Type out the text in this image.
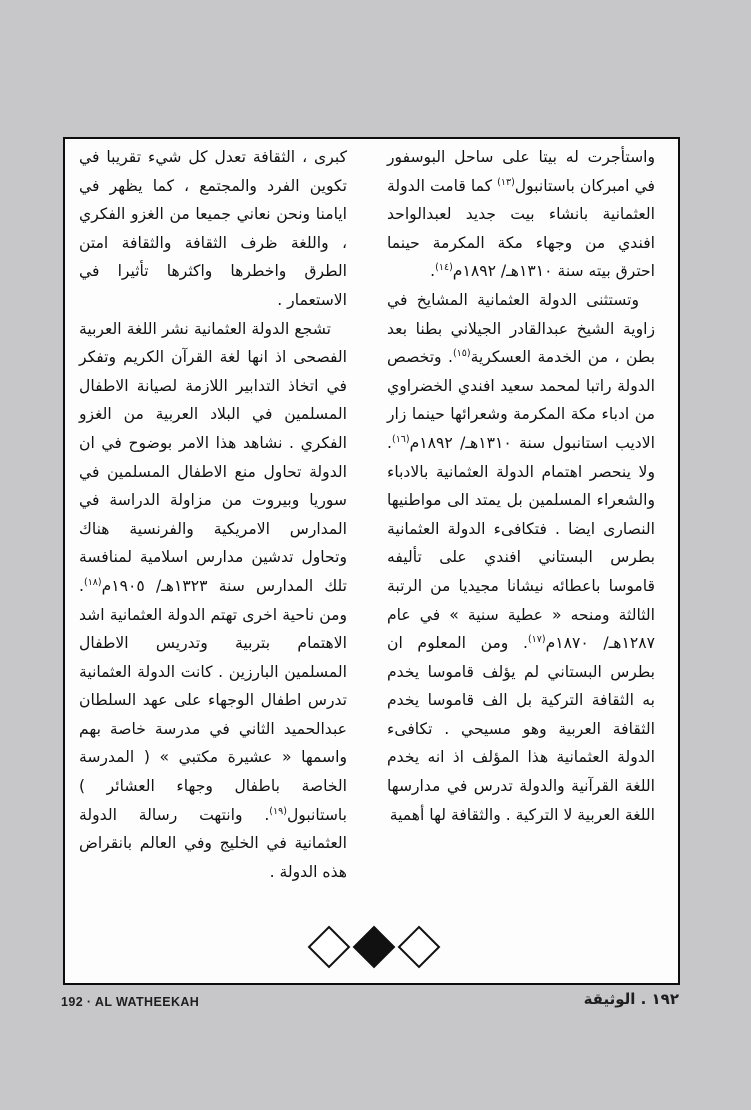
واستأجرت له بيتا على ساحل البوسفور في امبركان باستانبول$^{(١٣)}$ كما قامت الدولة العثمانية بانشاء بيت جديد لعبدالواحد افندي من وجهاء مكة المكرمة حينما احترق بيته سنة ١٣١٠هـ/ ١٨٩٢م$^{(١٤)}$.

وتستثنى الدولة العثمانية المشايخ في زاوية الشيخ عبدالقادر الجيلاني بطنا بعد بطن ، من الخدمة العسكرية$^{(١٥)}$. وتخصص الدولة راتبا لمحمد سعيد افندي الخضراوي من ادباء مكة المكرمة وشعرائها حينما زار الاديب استانبول سنة ١٣١٠هـ/ ١٨٩٢م$^{(١٦)}$. ولا ينحصر اهتمام الدولة العثمانية بالادباء والشعراء المسلمين بل يمتد الى مواطنيها النصارى ايضا . فتكافىء الدولة العثمانية بطرس البستاني افندي على تأليفه قاموسا باعطائه نيشانا مجيديا من الرتبة الثالثة ومنحه « عطية سنية » في عام ١٢٨٧هـ/ ١٨٧٠م$^{(١٧)}$. ومن المعلوم ان بطرس البستاني لم يؤلف قاموسا يخدم به الثقافة التركية بل الف قاموسا يخدم الثقافة العربية وهو مسيحي . تكافىء الدولة العثمانية هذا المؤلف اذ انه يخدم اللغة القرآنية والدولة تدرس في مدارسها اللغة العربية لا التركية . والثقافة لها أهمية

كبرى ، الثقافة تعدل كل شيء تقريبا في تكوين الفرد والمجتمع ، كما يظهر في ايامنا ونحن نعاني جميعا من الغزو الفكري ، واللغة ظرف الثقافة والثقافة امتن الطرق واخطرها واكثرها تأثيرا في الاستعمار .

تشجع الدولة العثمانية نشر اللغة العربية الفصحى اذ انها لغة القرآن الكريم وتفكر في اتخاذ التدابير اللازمة لصيانة الاطفال المسلمين في البلاد العربية من الغزو الفكري . نشاهد هذا الامر بوضوح في ان الدولة تحاول منع الاطفال المسلمين في سوريا وبيروت من مزاولة الدراسة في المدارس الامريكية والفرنسية هناك وتحاول تدشين مدارس اسلامية لمنافسة تلك المدارس سنة ١٣٢٣هـ/ ١٩٠٥م$^{(١٨)}$. ومن ناحية اخرى تهتم الدولة العثمانية اشد الاهتمام بتربية وتدريس الاطفال المسلمين البارزين . كانت الدولة العثمانية تدرس اطفال الوجهاء على عهد السلطان عبدالحميد الثاني في مدرسة خاصة بهم واسمها « عشيرة مكتبي » ( المدرسة الخاصة باطفال وجهاء العشائر ) باستانبول$^{(١٩)}$. وانتهت رسالة الدولة العثمانية في الخليج وفي العالم بانقراض هذه الدولة .

192 · AL WATHEEKAH	١٩٢ . الوثيقة
